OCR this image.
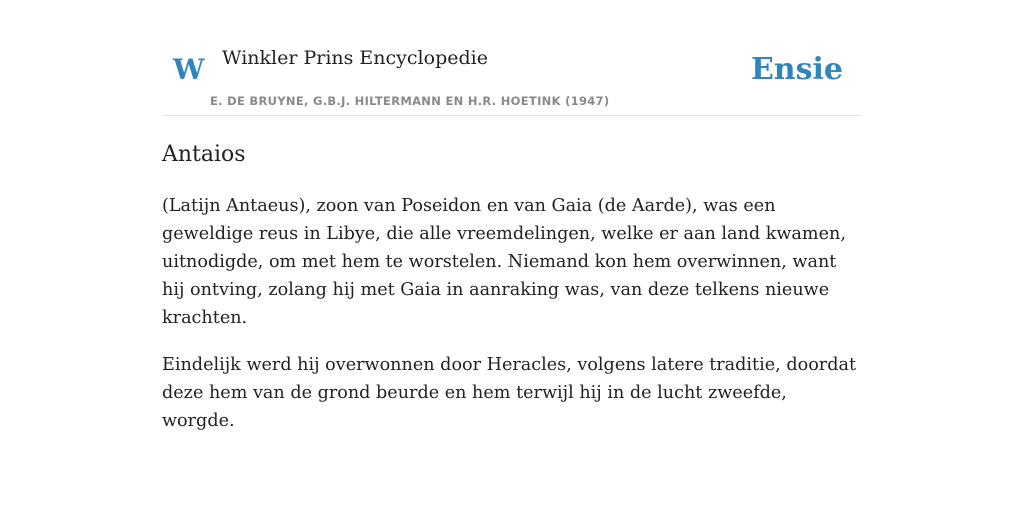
W Winkler Prins Encyclopedie
E. DE BRUYNE, G.B.J. HILTERMANN EN H.R. HOETINK (1947)
Ensie
Antaios

(Latijn Antaeus), zoon van Poseidon en van Gaia (de Aarde), was een geweldige reus in Libye, die alle vreemdelingen, welke er aan land kwamen, uitnodigde, om met hem te worstelen. Niemand kon hem overwinnen, want hij ontving, zolang hij met Gaia in aanraking was, van deze telkens nieuwe krachten.

Eindelijk werd hij overwonnen door Heracles, volgens latere traditie, doordat deze hem van de grond beurde en hem terwijl hij in de lucht zweefde, worgde.
